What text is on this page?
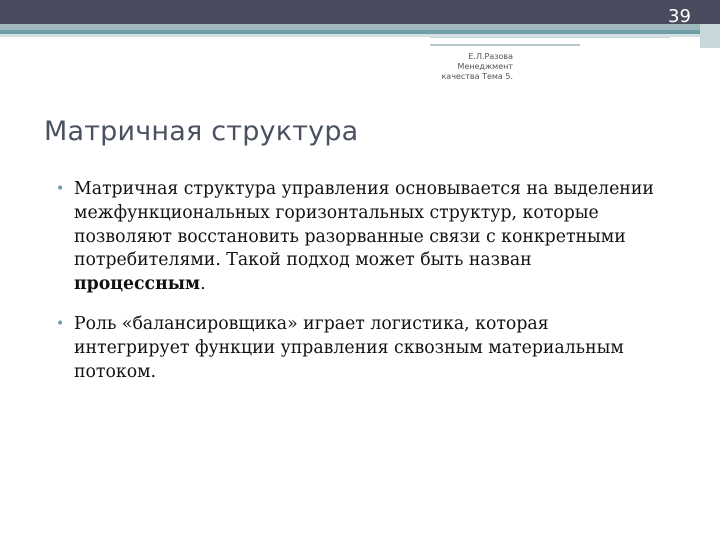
39
Е.Л.Разова
Менеджмент
качества Тема 5.
Матричная структура
• Матричная структура управления основывается на выделении межфункциональных горизонтальных структур, которые позволяют восстановить разорванные связи с конкретными потребителями. Такой подход может быть назван процессным.
• Роль «балансировщика» играет логистика, которая интегрирует функции управления сквозным материальным потоком.
